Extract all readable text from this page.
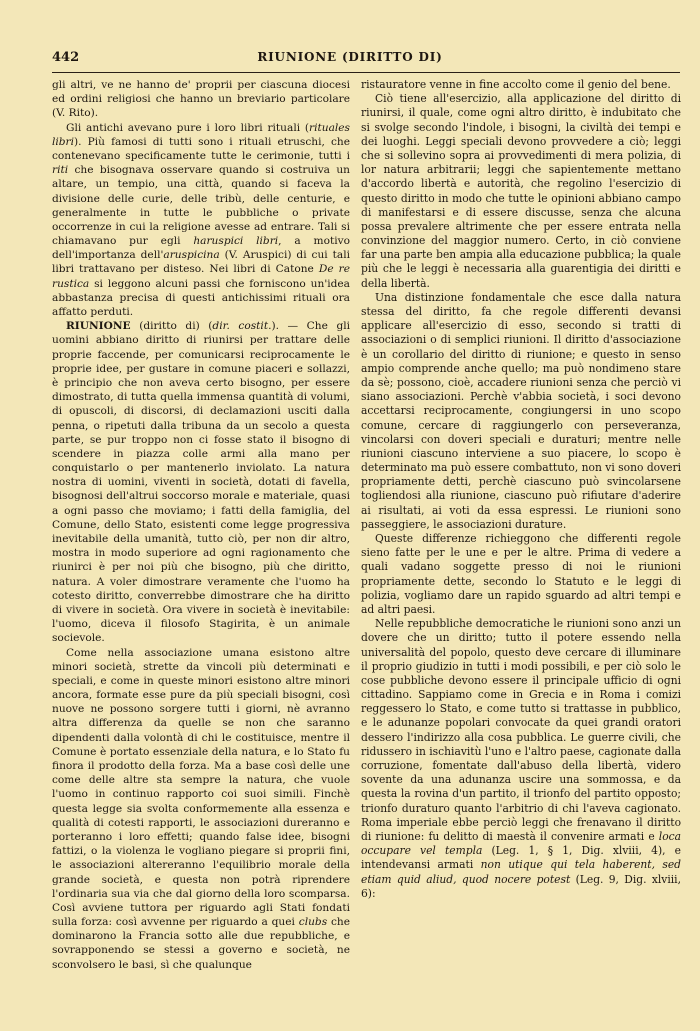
442	RIUNIONE (DIRITTO DI)

gli altri, ve ne hanno de' proprii per ciascuna diocesi ed ordini religiosi che hanno un breviario particolare (V. Rito).

Gli antichi avevano pure i loro libri rituali (rituales libri). Più famosi di tutti sono i rituali etruschi, che contenevano specificamente tutte le cerimonie, tutti i riti che bisognava osservare quando si costruiva un altare, un tempio, una città, quando si faceva la divisione delle curie, delle tribù, delle centurie, e generalmente in tutte le pubbliche o private occorrenze in cui la religione avesse ad entrare. Tali si chiamavano pur egli haruspici libri, a motivo dell'importanza dell'aruspicina (V. Aruspici) di cui tali libri trattavano per disteso. Nei libri di Catone De re rustica si leggono alcuni passi che forniscono un'idea abbastanza precisa di questi antichissimi rituali ora affatto perduti.

RIUNIONE (diritto di) (dir. costit.). — Che gli uomini abbiano diritto di riunirsi per trattare delle proprie faccende, per comunicarsi reciprocamente le proprie idee, per gustare in comune piaceri e sollazzi, è principio che non aveva certo bisogno, per essere dimostrato, di tutta quella immensa quantità di volumi, di opuscoli, di discorsi, di declamazioni usciti dalla penna, o ripetuti dalla tribuna da un secolo a questa parte, se pur troppo non ci fosse stato il bisogno di scendere in piazza colle armi alla mano per conquistarlo o per mantenerlo inviolato. La natura nostra di uomini, viventi in società, dotati di favella, bisognosi dell'altrui soccorso morale e materiale, quasi a ogni passo che moviamo; i fatti della famiglia, del Comune, dello Stato, esistenti come legge progressiva inevitabile della umanità, tutto ciò, per non dir altro, mostra in modo superiore ad ogni ragionamento che riunirci è per noi più che bisogno, più che diritto, natura. A voler dimostrare veramente che l'uomo ha cotesto diritto, converrebbe dimostrare che ha diritto di vivere in società. Ora vivere in società è inevitabile: l'uomo, diceva il filosofo Stagirita, è un animale socievole.

Come nella associazione umana esistono altre minori società, strette da vincoli più determinati e speciali, e come in queste minori esistono altre minori ancora, formate esse pure da più speciali bisogni, così nuove ne possono sorgere tutti i giorni, nè avranno altra differenza da quelle se non che saranno dipendenti dalla volontà di chi le costituisce, mentre il Comune è portato essenziale della natura, e lo Stato fu finora il prodotto della forza. Ma a base così delle une come delle altre sta sempre la natura, che vuole l'uomo in continuo rapporto coi suoi simili. Finchè questa legge sia svolta conformemente alla essenza e qualità di cotesti rapporti, le associazioni dureranno e porteranno i loro effetti; quando false idee, bisogni fattizi, o la violenza le vogliano piegare si proprii fini, le associazioni altereranno l'equilibrio morale della grande società, e questa non potrà riprendere l'ordinaria sua via che dal giorno della loro scomparsa. Così avviene tuttora per riguardo agli Stati fondati sulla forza: così avvenne per riguardo a quei clubs che dominarono la Francia sotto alle due repubbliche, e sovrapponendo se stessi a governo e società, ne sconvolsero le basi, sì che qualunque

ristauratore venne in fine accolto come il genio del bene.

Ciò tiene all'esercizio, alla applicazione del diritto di riunirsi, il quale, come ogni altro diritto, è indubitato che si svolge secondo l'indole, i bisogni, la civiltà dei tempi e dei luoghi. Leggi speciali devono provvedere a ciò; leggi che si sollevino sopra ai provvedimenti di mera polizia, di lor natura arbitrarii; leggi che sapientemente mettano d'accordo libertà e autorità, che regolino l'esercizio di questo diritto in modo che tutte le opinioni abbiano campo di manifestarsi e di essere discusse, senza che alcuna possa prevalere altrimente che per essere entrata nella convinzione del maggior numero. Certo, in ciò conviene far una parte ben ampia alla educazione pubblica; la quale più che le leggi è necessaria alla guarentigia dei diritti e della libertà.

Una distinzione fondamentale che esce dalla natura stessa del diritto, fa che regole differenti devansi applicare all'esercizio di esso, secondo si tratti di associazioni o di semplici riunioni. Il diritto d'associazione è un corollario del diritto di riunione; e questo in senso ampio comprende anche quello; ma può nondimeno stare da sè; possono, cioè, accadere riunioni senza che perciò vi siano associazioni. Perchè v'abbia società, i soci devono accettarsi reciprocamente, congiungersi in uno scopo comune, cercare di raggiungerlo con perseveranza, vincolarsi con doveri speciali e duraturi; mentre nelle riunioni ciascuno interviene a suo piacere, lo scopo è determinato ma può essere combattuto, non vi sono doveri propriamente detti, perchè ciascuno può svincolarsene togliendosi alla riunione, ciascuno può rifiutare d'aderire ai risultati, ai voti da essa espressi. Le riunioni sono passeggiere, le associazioni durature.

Queste differenze richieggono che differenti regole sieno fatte per le une e per le altre. Prima di vedere a quali vadano soggette presso di noi le riunioni propriamente dette, secondo lo Statuto e le leggi di polizia, vogliamo dare un rapido sguardo ad altri tempi e ad altri paesi.

Nelle repubbliche democratiche le riunioni sono anzi un dovere che un diritto; tutto il potere essendo nella universalità del popolo, questo deve cercare di illuminare il proprio giudizio in tutti i modi possibili, e per ciò solo le cose pubbliche devono essere il principale ufficio di ogni cittadino. Sappiamo come in Grecia e in Roma i comizi reggessero lo Stato, e come tutto si trattasse in pubblico, e le adunanze popolari convocate da quei grandi oratori dessero l'indirizzo alla cosa pubblica. Le guerre civili, che ridussero in ischiavitù l'uno e l'altro paese, cagionate dalla corruzione, fomentate dall'abuso della libertà, videro sovente da una adunanza uscire una sommossa, e da questa la rovina d'un partito, il trionfo del partito opposto; trionfo duraturo quanto l'arbitrio di chi l'aveva cagionato. Roma imperiale ebbe perciò leggi che frenavano il diritto di riunione: fu delitto di maestà il convenire armati e loca occupare vel templa (Leg. 1, § 1, Dig. xlviii, 4), e intendevansi armati non utique qui tela haberent, sed etiam quid aliud, quod nocere potest (Leg. 9, Dig. xlviii, 6):
